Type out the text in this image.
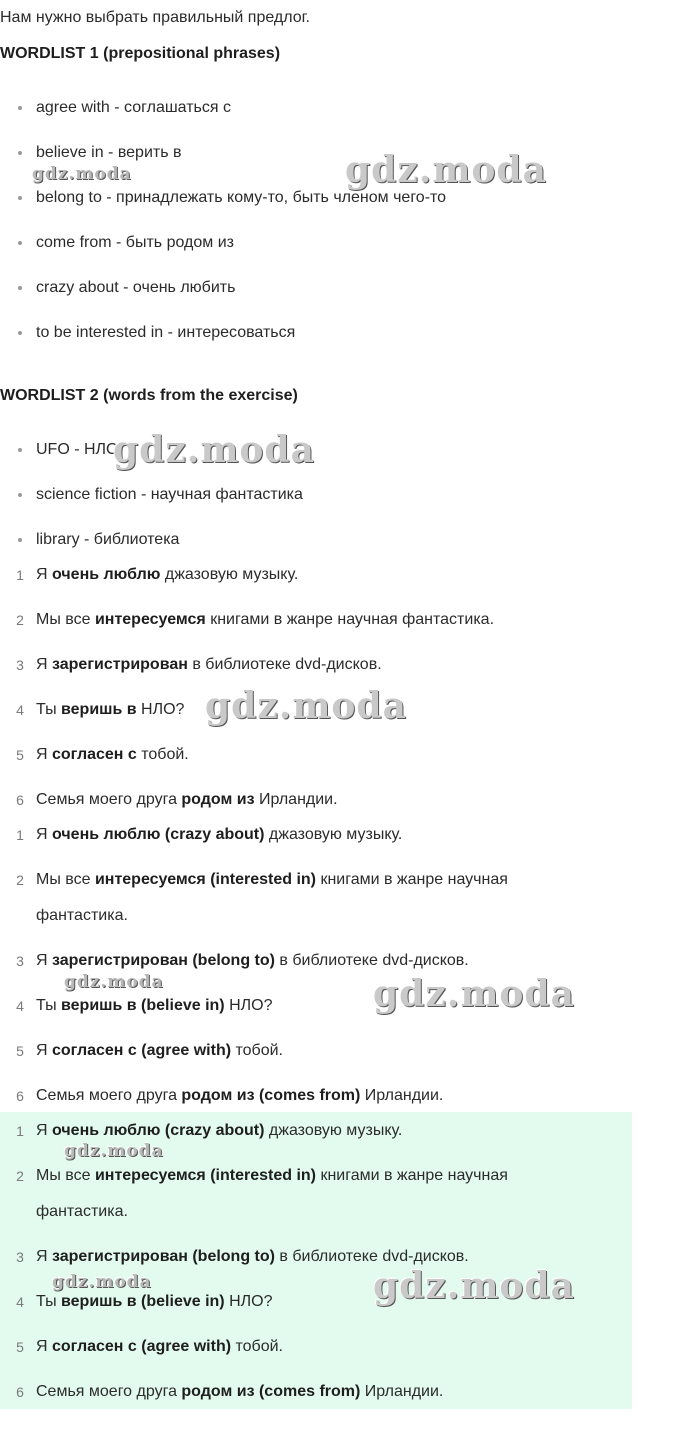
Нам нужно выбрать правильный предлог.
WORDLIST 1 (prepositional phrases)
agree with - соглашаться с
believe in - верить в
belong to - принадлежать кому-то, быть членом чего-то
come from - быть родом из
crazy about - очень любить
to be interested in - интересоваться
WORDLIST 2 (words from the exercise)
UFO - НЛО
science fiction - научная фантастика
library - библиотека
1 Я очень люблю джазовую музыку.
2 Мы все интересуемся книгами в жанре научная фантастика.
3 Я зарегистрирован в библиотеке dvd-дисков.
4 Ты веришь в НЛО?
5 Я согласен с тобой.
6 Семья моего друга родом из Ирландии.
1 Я очень люблю (crazy about) джазовую музыку.
2 Мы все интересуемся (interested in) книгами в жанре научная
фантастика.
3 Я зарегистрирован (belong to) в библиотеке dvd-дисков.
4 Ты веришь в (believe in) НЛО?
5 Я согласен с (agree with) тобой.
6 Семья моего друга родом из (comes from) Ирландии.
1 Я очень люблю (crazy about) джазовую музыку.
2 Мы все интересуемся (interested in) книгами в жанре научная
фантастика.
3 Я зарегистрирован (belong to) в библиотеке dvd-дисков.
4 Ты веришь в (believe in) НЛО?
5 Я согласен с (agree with) тобой.
6 Семья моего друга родом из (comes from) Ирландии.
gdz.moda
gdz.moda
gdz.moda
gdz.moda
gdz.moda	gdz.moda
gdz.moda
gdz.moda	gdz.moda
